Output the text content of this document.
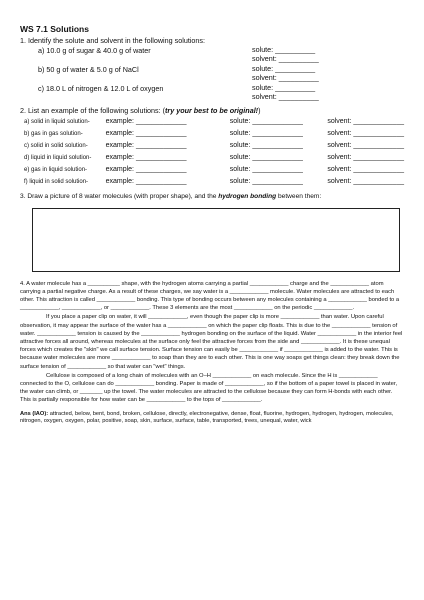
WS 7.1 Solutions
1. Identify the solute and solvent in the following solutions:
a) 10.0 g of sugar & 40.0 g of water	solute: __________
solvent: __________
b) 50 g of water & 5.0 g of NaCl	solute: __________
solvent: __________
c) 18.0 L of nitrogen & 12.0 L of oxygen	solute: __________
solvent: __________
2. List an example of the following solutions: (try your best to be original!)
a) solid in liquid solution-	example: _____________	solute: _____________	solvent: _____________
b) gas in gas solution-	example: _____________	solute: _____________	solvent: _____________
c) solid in solid solution-	example: _____________	solute: _____________	solvent: _____________
d) liquid in liquid solution-	example: _____________	solute: _____________	solvent: _____________
e) gas in liquid solution-	example: _____________	solute: _____________	solvent: _____________
f) liquid in solid solution-	example: _____________	solute: _____________	solvent: _____________
3. Draw a picture of 8 water molecules (with proper shape), and the hydrogen bonding between them:

4. A water molecule has a __________ shape, with the hydrogen atoms carrying a partial ____________ charge and the ____________ atom carrying a partial negative charge. As a result of these charges, we say water is a ____________ molecule. Water molecules are attracted to each other. This attraction is called ____________ bonding. This type of bonding occurs between any molecules containing a ____________ bonded to a ____________, ____________, or ____________. These 3 elements are the most ____________ on the periodic ____________.

If you place a paper clip on water, it will ____________, even though the paper clip is more ____________ than water. Upon careful observation, it may appear the surface of the water has a ____________ on which the paper clip floats. This is due to the ____________ tension of water. ____________ tension is caused by the ____________ hydrogen bonding on the surface of the liquid. Water ____________ in the interior feel attractive forces all around, whereas molecules at the surface only feel the attractive forces from the side and ____________. It is these unequal forces which creates the "skin" we call surface tension. Surface tension can easily be ____________ if ____________ is added to the water. This is because water molecules are more ____________ to soap than they are to each other. This is one way soaps get things clean: they break down the surface tension of ____________ so that water can "wet" things.

Cellulose is composed of a long chain of molecules with an O–H ____________ on each molecule. Since the H is ____________ connected to the O, cellulose can do ____________ bonding. Paper is made of ____________, so if the bottom of a paper towel is placed in water, the water can climb, or _______ up the towel. The water molecules are attracted to the cellulose because they can form H-bonds with each other. This is partially responsible for how water can be ____________ to the tops of ____________.

Ans (IAO): attracted, below, bent, bond, broken, cellulose, directly, electronegative, dense, float, fluorine, hydrogen, hydrogen, hydrogen, molecules, nitrogen, oxygen, oxygen, polar, positive, soap, skin, surface, surface, table, transported, trees, unequal, water, wick
